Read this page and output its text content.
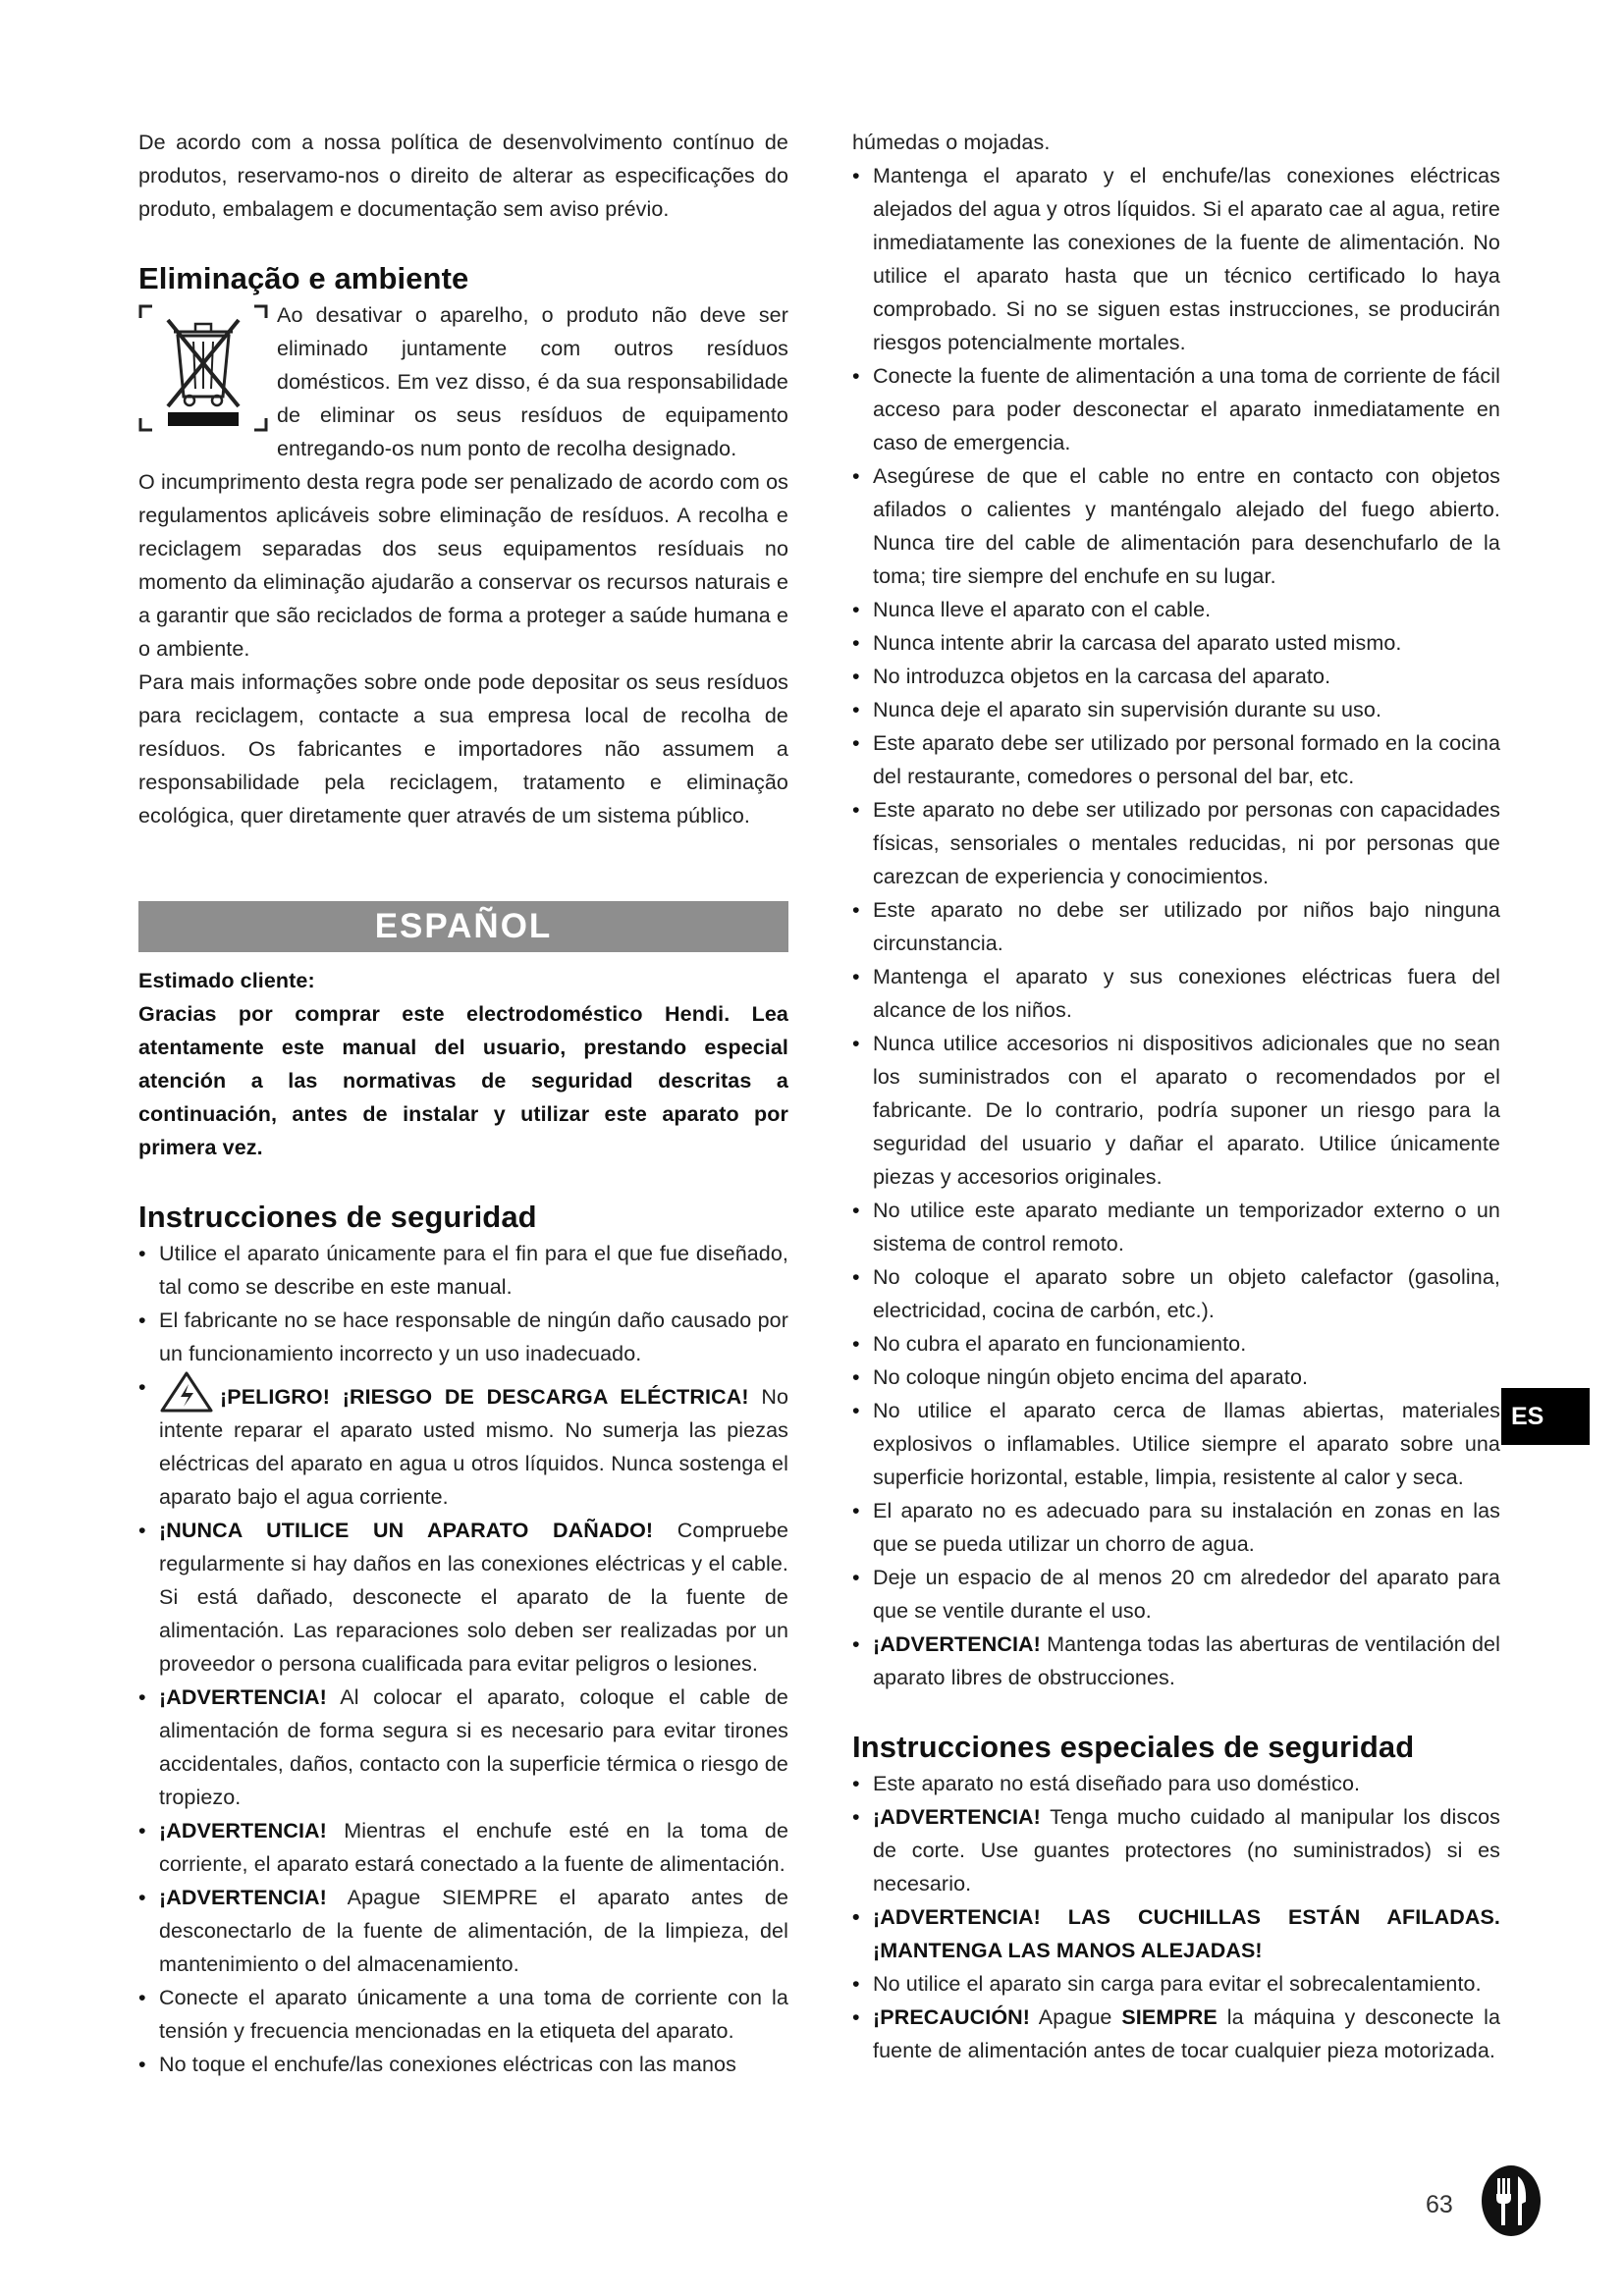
De acordo com a nossa política de desenvolvimento contínuo de produtos, reservamo-nos o direito de alterar as especificações do produto, embalagem e documentação sem aviso prévio.

Eliminação e ambiente

Ao desativar o aparelho, o produto não deve ser eliminado juntamente com outros resíduos domésticos. Em vez disso, é da sua responsabilidade de eliminar os seus resíduos de equipamento entregando-os num ponto de recolha designado.

O incumprimento desta regra pode ser penalizado de acordo com os regulamentos aplicáveis sobre eliminação de resíduos. A recolha e reciclagem separadas dos seus equipamentos resíduais no momento da eliminação ajudarão a conservar os recursos naturais e a garantir que são reciclados de forma a proteger a saúde humana e o ambiente.

Para mais informações sobre onde pode depositar os seus resíduos para reciclagem, contacte a sua empresa local de recolha de resíduos. Os fabricantes e importadores não assumem a responsabilidade pela reciclagem, tratamento e eliminação ecológica, quer diretamente quer através de um sistema público.

ESPAÑOL

Estimado cliente:

Gracias por comprar este electrodoméstico Hendi. Lea atentamente este manual del usuario, prestando especial atención a las normativas de seguridad descritas a continuación, antes de instalar y utilizar este aparato por primera vez.

Instrucciones de seguridad
• Utilice el aparato únicamente para el fin para el que fue diseñado, tal como se describe en este manual.
• El fabricante no se hace responsable de ningún daño causado por un funcionamiento incorrecto y un uso inadecuado.
• ¡PELIGRO! ¡RIESGO DE DESCARGA ELÉCTRICA! No intente reparar el aparato usted mismo. No sumerja las piezas eléctricas del aparato en agua u otros líquidos. Nunca sostenga el aparato bajo el agua corriente.
• ¡NUNCA UTILICE UN APARATO DAÑADO! Compruebe regularmente si hay daños en las conexiones eléctricas y el cable. Si está dañado, desconecte el aparato de la fuente de alimentación. Las reparaciones solo deben ser realizadas por un proveedor o persona cualificada para evitar peligros o lesiones.
• ¡ADVERTENCIA! Al colocar el aparato, coloque el cable de alimentación de forma segura si es necesario para evitar tirones accidentales, daños, contacto con la superficie térmica o riesgo de tropiezo.
• ¡ADVERTENCIA! Mientras el enchufe esté en la toma de corriente, el aparato estará conectado a la fuente de alimentación.
• ¡ADVERTENCIA! Apague SIEMPRE el aparato antes de desconectarlo de la fuente de alimentación, de la limpieza, del mantenimiento o del almacenamiento.
• Conecte el aparato únicamente a una toma de corriente con la tensión y frecuencia mencionadas en la etiqueta del aparato.
• No toque el enchufe/las conexiones eléctricas con las manos

húmedas o mojadas.

• Mantenga el aparato y el enchufe/las conexiones eléctricas alejados del agua y otros líquidos. Si el aparato cae al agua, retire inmediatamente las conexiones de la fuente de alimentación. No utilice el aparato hasta que un técnico certificado lo haya comprobado. Si no se siguen estas instrucciones, se producirán riesgos potencialmente mortales.
• Conecte la fuente de alimentación a una toma de corriente de fácil acceso para poder desconectar el aparato inmediatamente en caso de emergencia.
• Asegúrese de que el cable no entre en contacto con objetos afilados o calientes y manténgalo alejado del fuego abierto. Nunca tire del cable de alimentación para desenchufarlo de la toma; tire siempre del enchufe en su lugar.
• Nunca lleve el aparato con el cable.
• Nunca intente abrir la carcasa del aparato usted mismo.
• No introduzca objetos en la carcasa del aparato.
• Nunca deje el aparato sin supervisión durante su uso.
• Este aparato debe ser utilizado por personal formado en la cocina del restaurante, comedores o personal del bar, etc.
• Este aparato no debe ser utilizado por personas con capacidades físicas, sensoriales o mentales reducidas, ni por personas que carezcan de experiencia y conocimientos.
• Este aparato no debe ser utilizado por niños bajo ninguna circunstancia.
• Mantenga el aparato y sus conexiones eléctricas fuera del alcance de los niños.
• Nunca utilice accesorios ni dispositivos adicionales que no sean los suministrados con el aparato o recomendados por el fabricante. De lo contrario, podría suponer un riesgo para la seguridad del usuario y dañar el aparato. Utilice únicamente piezas y accesorios originales.
• No utilice este aparato mediante un temporizador externo o un sistema de control remoto.
• No coloque el aparato sobre un objeto calefactor (gasolina, electricidad, cocina de carbón, etc.).
• No cubra el aparato en funcionamiento.
• No coloque ningún objeto encima del aparato.
• No utilice el aparato cerca de llamas abiertas, materiales explosivos o inflamables. Utilice siempre el aparato sobre una superficie horizontal, estable, limpia, resistente al calor y seca.
• El aparato no es adecuado para su instalación en zonas en las que se pueda utilizar un chorro de agua.
• Deje un espacio de al menos 20 cm alrededor del aparato para que se ventile durante el uso.
• ¡ADVERTENCIA! Mantenga todas las aberturas de ventilación del aparato libres de obstrucciones.
Instrucciones especiales de seguridad
• Este aparato no está diseñado para uso doméstico.
• ¡ADVERTENCIA! Tenga mucho cuidado al manipular los discos de corte. Use guantes protectores (no suministrados) si es necesario.
• ¡ADVERTENCIA! LAS CUCHILLAS ESTÁN AFILADAS. ¡MANTENGA LAS MANOS ALEJADAS!
• No utilice el aparato sin carga para evitar el sobrecalentamiento.
• ¡PRECAUCIÓN! Apague SIEMPRE la máquina y desconecte la fuente de alimentación antes de tocar cualquier pieza motorizada.
ES
63
